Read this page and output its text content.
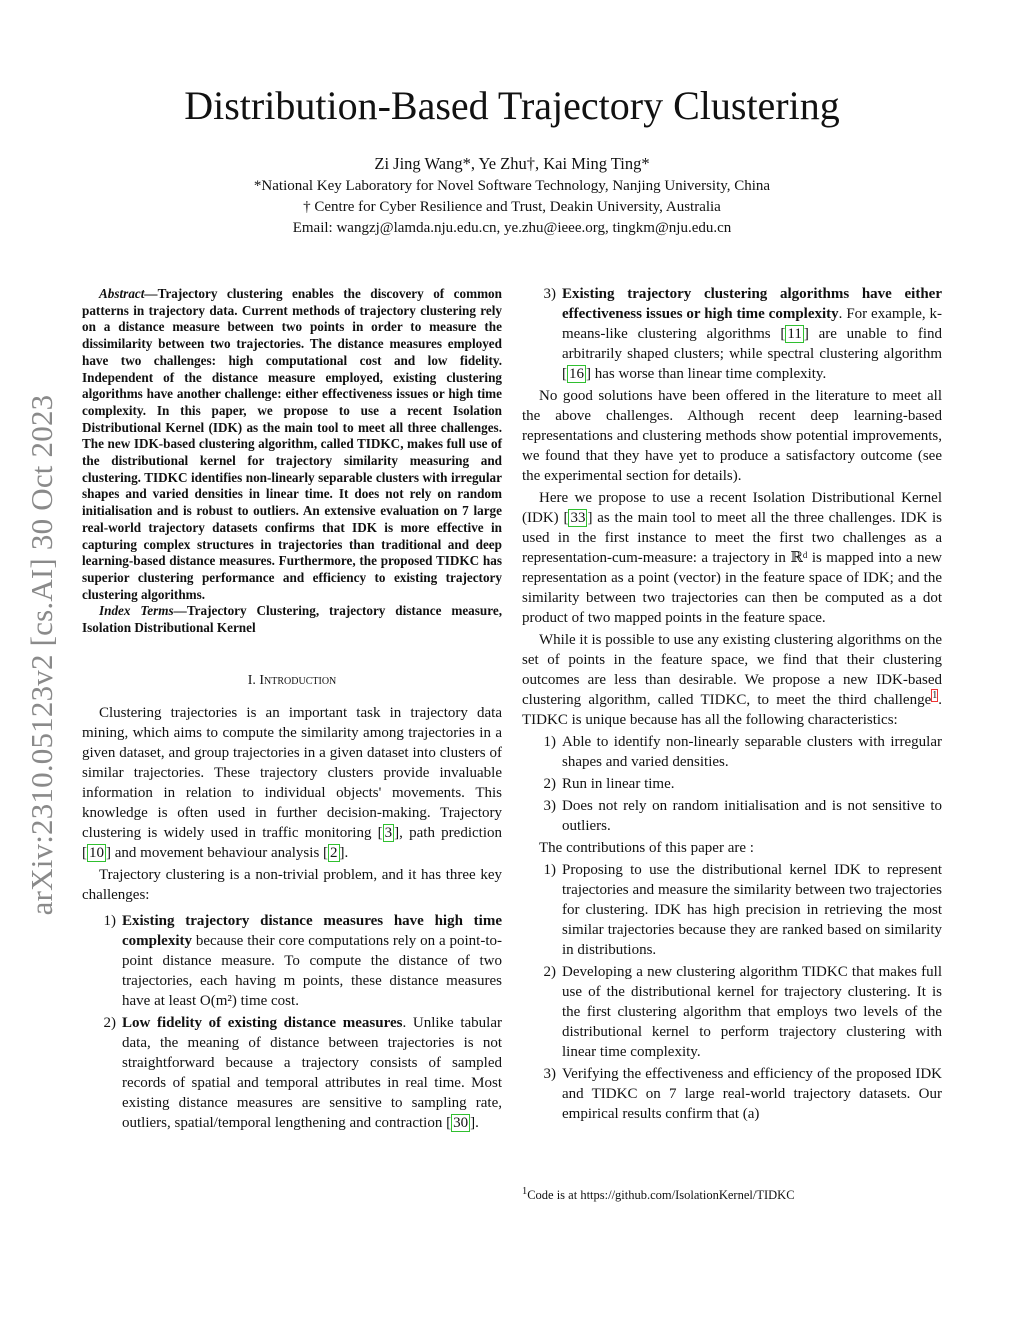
arXiv:2310.05123v2 [cs.AI] 30 Oct 2023
Distribution-Based Trajectory Clustering
Zi Jing Wang*, Ye Zhu†, Kai Ming Ting*
*National Key Laboratory for Novel Software Technology, Nanjing University, China
† Centre for Cyber Resilience and Trust, Deakin University, Australia
Email: wangzj@lamda.nju.edu.cn, ye.zhu@ieee.org, tingkm@nju.edu.cn

Abstract—Trajectory clustering enables the discovery of common patterns in trajectory data. Current methods of trajectory clustering rely on a distance measure between two points in order to measure the dissimilarity between two trajectories. The distance measures employed have two challenges: high computational cost and low fidelity. Independent of the distance measure employed, existing clustering algorithms have another challenge: either effectiveness issues or high time complexity. In this paper, we propose to use a recent Isolation Distributional Kernel (IDK) as the main tool to meet all three challenges. The new IDK-based clustering algorithm, called TIDKC, makes full use of the distributional kernel for trajectory similarity measuring and clustering. TIDKC identifies non-linearly separable clusters with irregular shapes and varied densities in linear time. It does not rely on random initialisation and is robust to outliers. An extensive evaluation on 7 large real-world trajectory datasets confirms that IDK is more effective in capturing complex structures in trajectories than traditional and deep learning-based distance measures. Furthermore, the proposed TIDKC has superior clustering performance and efficiency to existing trajectory clustering algorithms.

Index Terms—Trajectory Clustering, trajectory distance measure, Isolation Distributional Kernel

I. Introduction

Clustering trajectories is an important task in trajectory data mining, which aims to compute the similarity among trajectories in a given dataset, and group trajectories in a given dataset into clusters of similar trajectories. These trajectory clusters provide invaluable information in relation to individual objects' movements. This knowledge is often used in further decision-making. Trajectory clustering is widely used in traffic monitoring [ 3 ], path prediction [ 10 ] and movement behaviour analysis [ 2 ].

Trajectory clustering is a non-trivial problem, and it has three key challenges:

1) Existing trajectory distance measures have high time complexity because their core computations rely on a point-to-point distance measure. To compute the distance of two trajectories, each having m points, these distance measures have at least O(m²) time cost.
2) Low fidelity of existing distance measures. Unlike tabular data, the meaning of distance between trajectories is not straightforward because a trajectory consists of sampled records of spatial and temporal attributes in real time. Most existing distance measures are sensitive to sampling rate, outliers, spatial/temporal lengthening and contraction [ 30 ].
3) Existing trajectory clustering algorithms have either effectiveness issues or high time complexity. For example, k-means-like clustering algorithms [ 11 ] are unable to find arbitrarily shaped clusters; while spectral clustering algorithm [ 16 ] has worse than linear time complexity.

No good solutions have been offered in the literature to meet all the above challenges. Although recent deep learning-based representations and clustering methods show potential improvements, we found that they have yet to produce a satisfactory outcome (see the experimental section for details).

Here we propose to use a recent Isolation Distributional Kernel (IDK) [ 33 ] as the main tool to meet all the three challenges. IDK is used in the first instance to meet the first two challenges as a representation-cum-measure: a trajectory in ℝᵈ is mapped into a new representation as a point (vector) in the feature space of IDK; and the similarity between two trajectories can then be computed as a dot product of two mapped points in the feature space.

While it is possible to use any existing clustering algorithms on the set of points in the feature space, we find that their clustering outcomes are less than desirable. We propose a new IDK-based clustering algorithm, called TIDKC, to meet the third challenge$^1$. TIDKC is unique because has all the following characteristics:

1) Able to identify non-linearly separable clusters with irregular shapes and varied densities.
2) Run in linear time.
3) Does not rely on random initialisation and is not sensitive to outliers.

The contributions of this paper are :

1) Proposing to use the distributional kernel IDK to represent trajectories and measure the similarity between two trajectories for clustering. IDK has high precision in retrieving the most similar trajectories because they are ranked based on similarity in distributions.
2) Developing a new clustering algorithm TIDKC that makes full use of the distributional kernel for trajectory clustering. It is the first clustering algorithm that employs two levels of the distributional kernel to perform trajectory clustering with linear time complexity.
3) Verifying the effectiveness and efficiency of the proposed IDK and TIDKC on 7 large real-world trajectory datasets. Our empirical results confirm that (a)
$^1$Code is at https://github.com/IsolationKernel/TIDKC
